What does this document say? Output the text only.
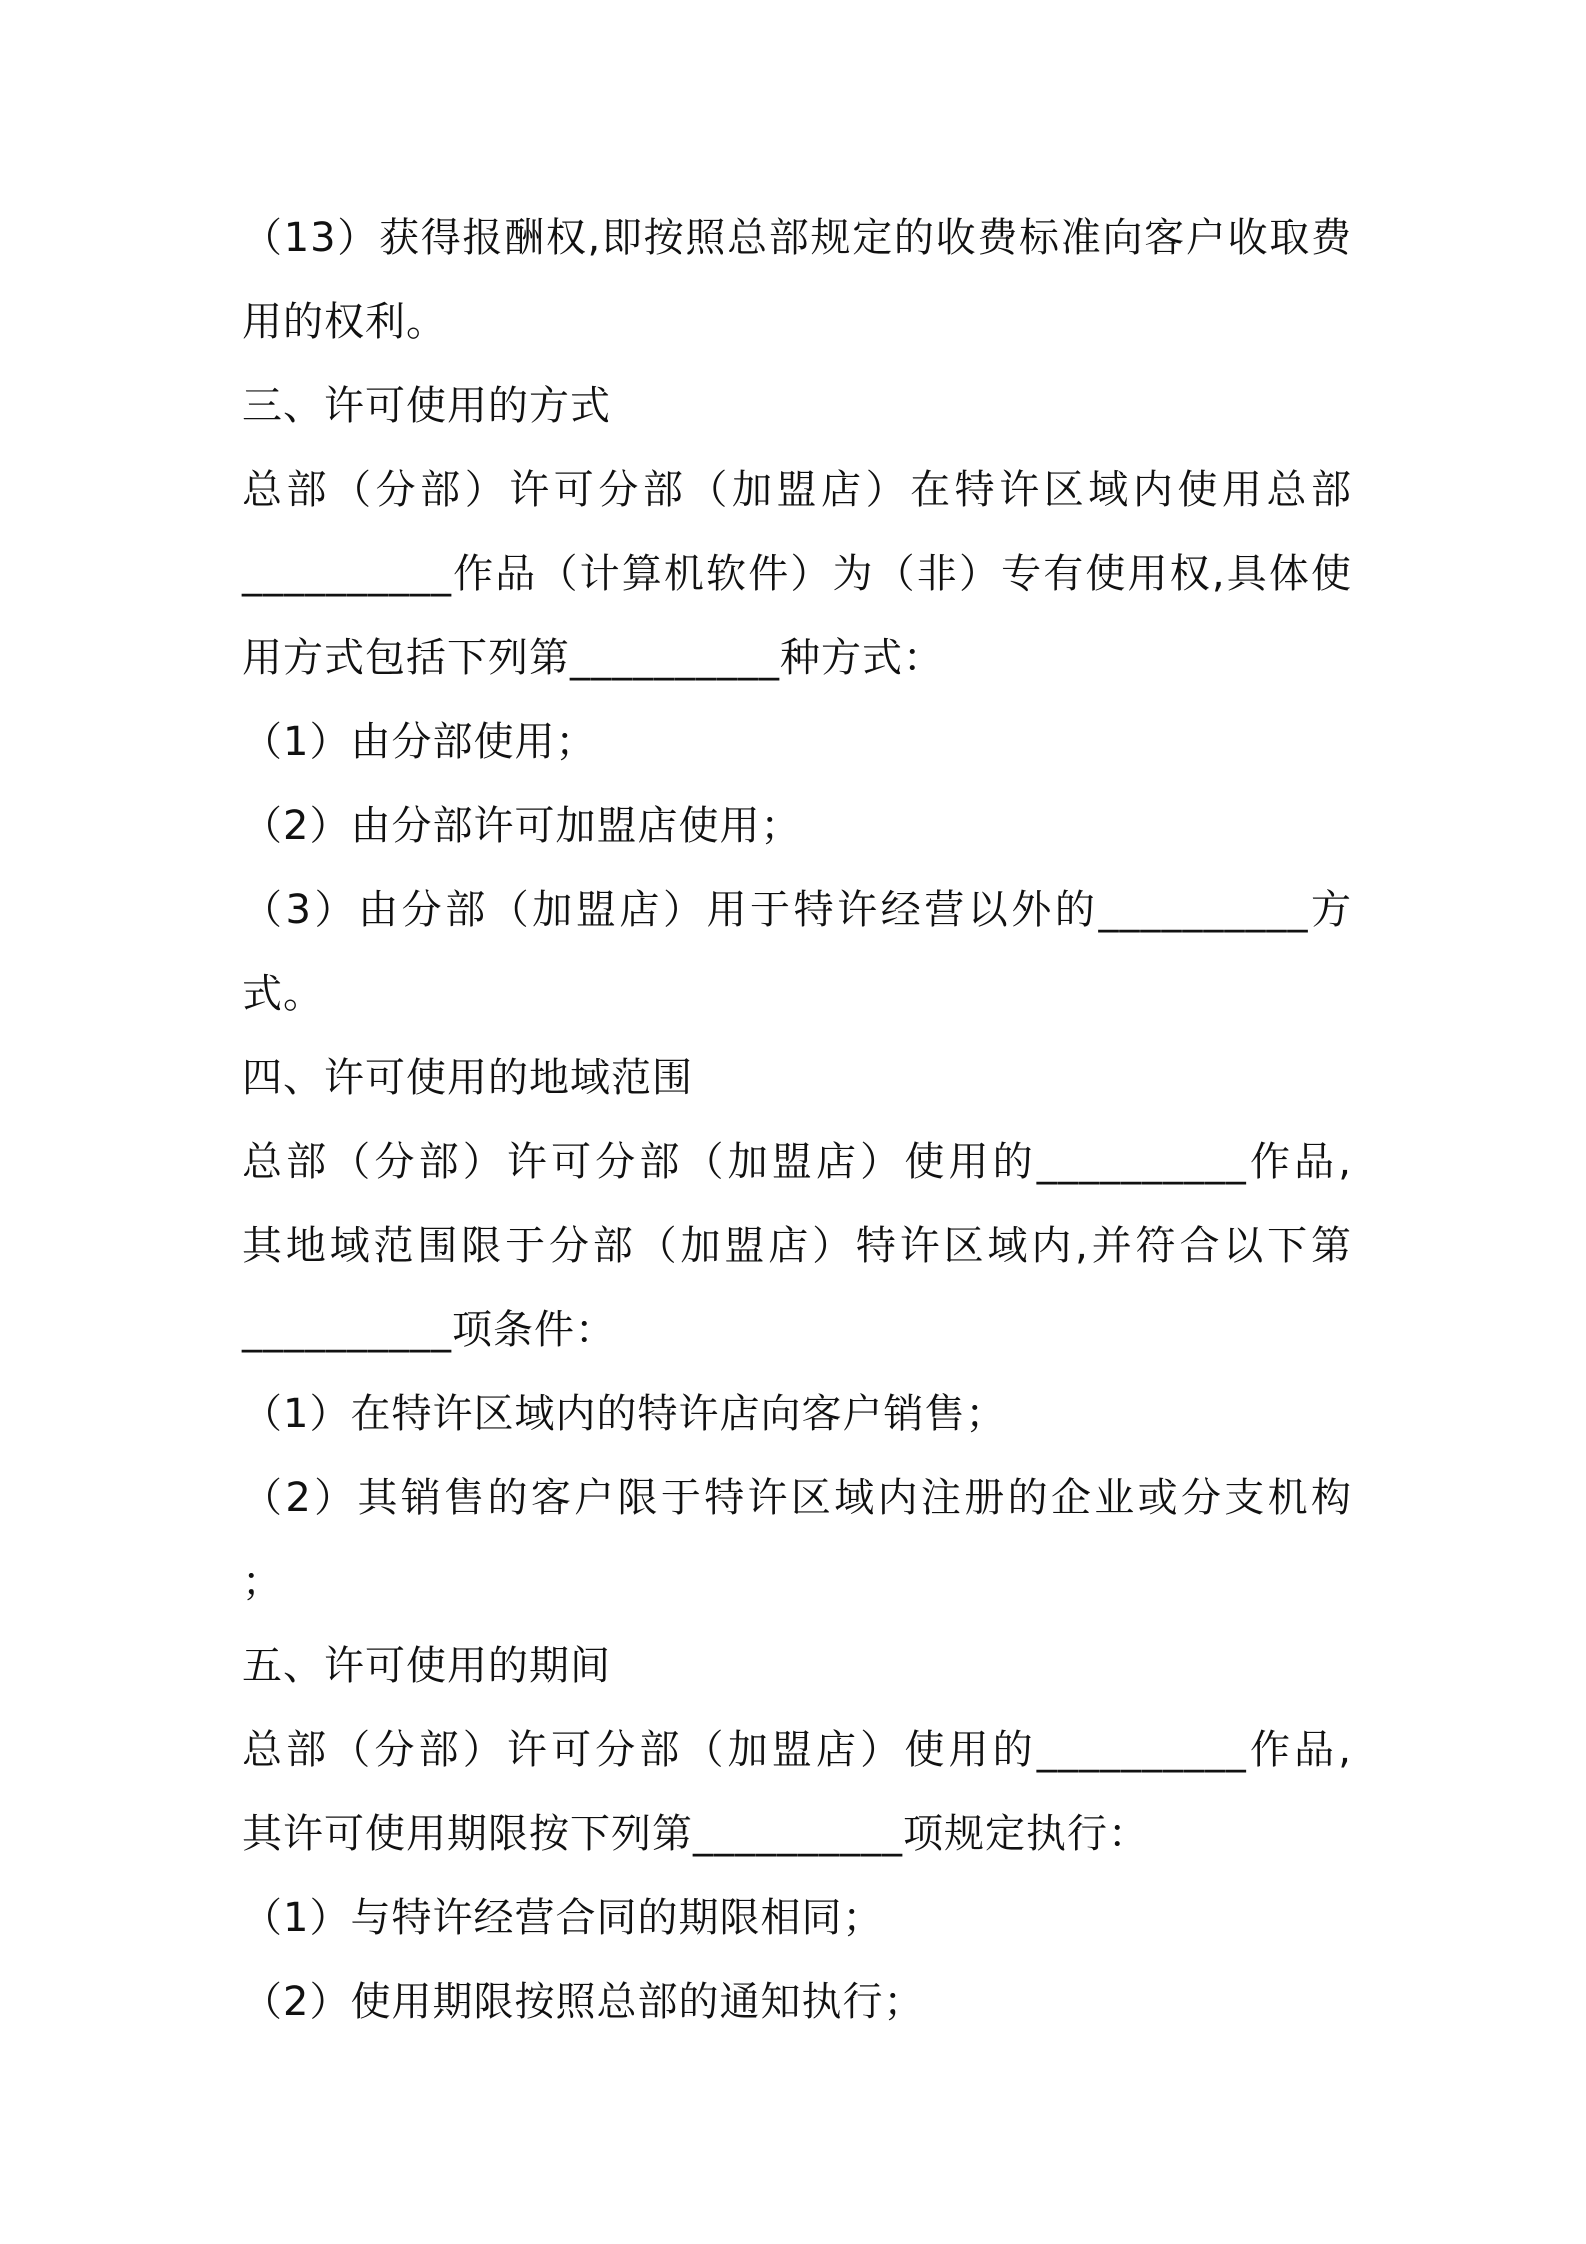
（13）获得报酬权,即按照总部规定的收费标准向客户收取费
用的权利。
三、许可使用的方式
总部（分部）许可分部（加盟店）在特许区域内使用总部
__________作品（计算机软件）为（非）专有使用权,具体使
用方式包括下列第__________种方式：
（1）由分部使用；
（2）由分部许可加盟店使用；
（3）由分部（加盟店）用于特许经营以外的__________方
式。
四、许可使用的地域范围
总部（分部）许可分部（加盟店）使用的__________作品,
其地域范围限于分部（加盟店）特许区域内,并符合以下第
__________项条件：
（1）在特许区域内的特许店向客户销售；
（2）其销售的客户限于特许区域内注册的企业或分支机构
；
五、许可使用的期间
总部（分部）许可分部（加盟店）使用的__________作品,
其许可使用期限按下列第__________项规定执行：
（1）与特许经营合同的期限相同；
（2）使用期限按照总部的通知执行；
